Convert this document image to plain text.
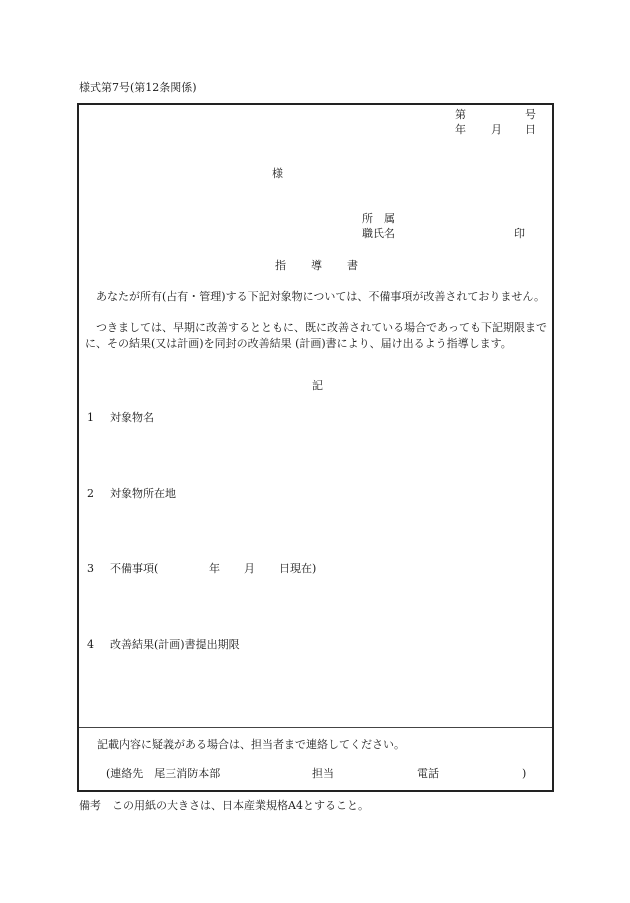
様式第7号(第12条関係)
第	号
年 月 日
様
所　属
職氏名	印
指　　導　　書
　あなたが所有(占有・管理)する下記対象物については、不備事項が改善されておりません。
　つきましては、早期に改善するとともに、既に改善されている場合であっても下記期限までに、その結果(又は計画)を同封の改善結果 (計画)書により、届け出るよう指導します。
記
1 対象物名
2 対象物所在地
3 不備事項(	年 月 日現在)
4 改善結果(計画)書提出期限
記載内容に疑義がある場合は、担当者まで連絡してください。
(連絡先　尾三消防本部	担当	電話	)
備考　この用紙の大きさは、日本産業規格A4とすること。
